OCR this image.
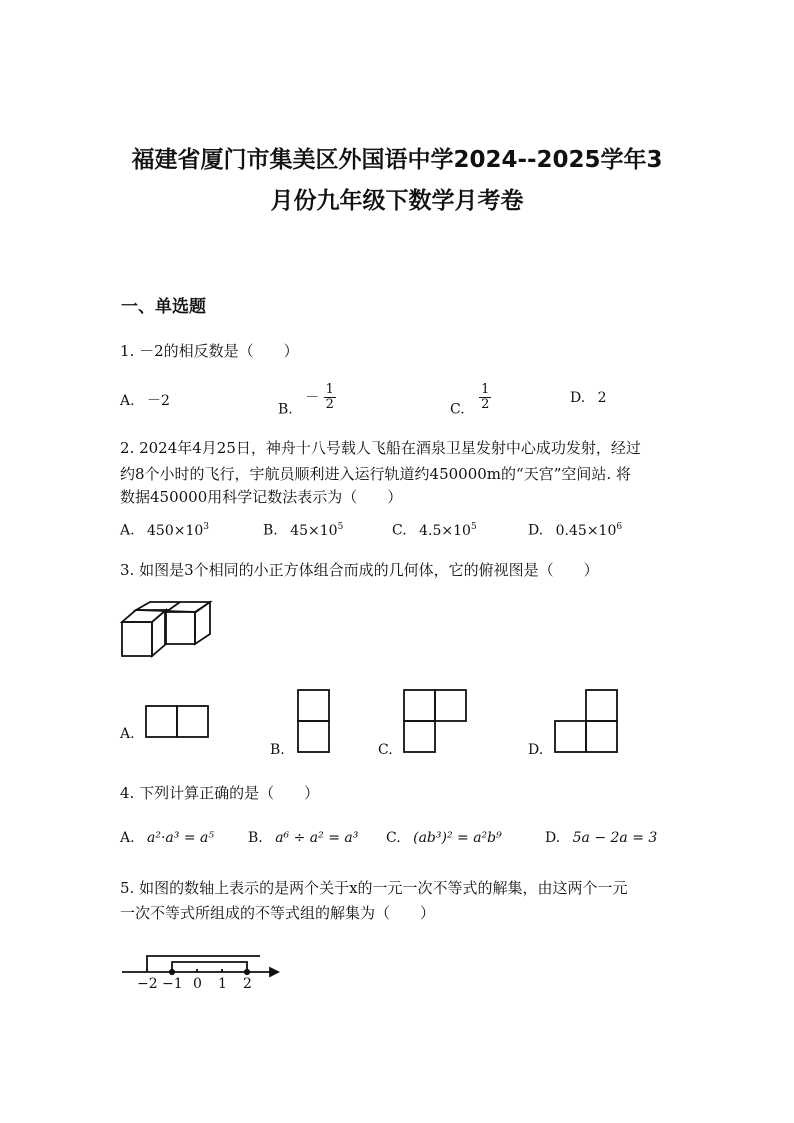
福建省厦门市集美区外国语中学2024--2025学年3
月份九年级下数学月考卷
一、单选题
1. －2的相反数是（　　）
A. －2
B. － $\frac{1}{2}$	C. $\frac{1}{2}$	D. 2
2. 2024年4月25日，神舟十八号载人飞船在酒泉卫星发射中心成功发射，经过
约8个小时的飞行，宇航员顺利进入运行轨道约450000m的“天宫”空间站. 将
数据450000用科学记数法表示为（　　）
A. $450\times 10^3$	B. $45\times 10^5$	C. $4.5\times 10^5$	D. $0.45\times 10^6$
3. 如图是3个相同的小正方体组合而成的几何体，它的俯视图是（　　）
A.
B.	C.	D.
4. 下列计算正确的是（　　）
A. a²·a³ = a⁵ B. a⁶ ÷ a² = a³ C. (ab³)² = a²b⁹	D. 5a − 2a = 3
5. 如图的数轴上表示的是两个关于x的一元一次不等式的解集，由这两个一元
一次不等式所组成的不等式组的解集为（　　）
−2 −1 0 1 2
